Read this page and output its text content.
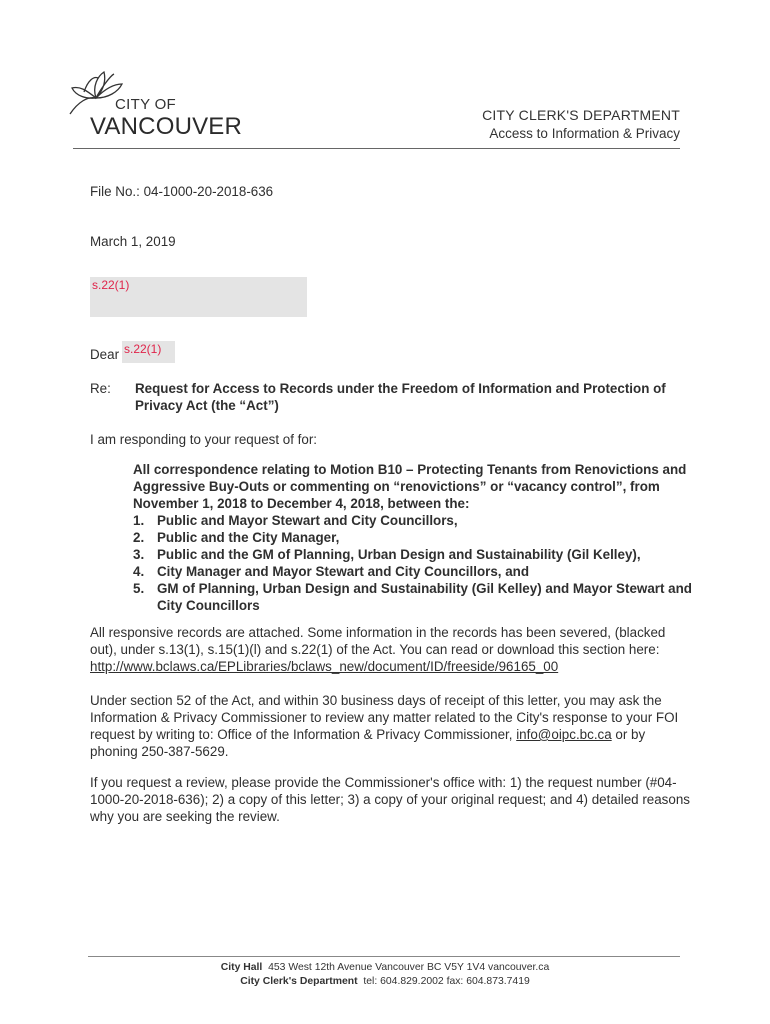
CITY OF
VANCOUVER	CITY CLERK'S DEPARTMENT
Access to Information & Privacy
File No.: 04-1000-20-2018-636
March 1, 2019
s.22(1)
Dear s.22(1)
Re: Request for Access to Records under the Freedom of Information and Protection of Privacy Act (the “Act”)
I am responding to your request of for:
All correspondence relating to Motion B10 – Protecting Tenants from Renovictions and Aggressive Buy-Outs or commenting on “renovictions” or “vacancy control”, from November 1, 2018 to December 4, 2018, between the:
1. Public and Mayor Stewart and City Councillors,
2. Public and the City Manager,
3. Public and the GM of Planning, Urban Design and Sustainability (Gil Kelley),
4. City Manager and Mayor Stewart and City Councillors, and
5. GM of Planning, Urban Design and Sustainability (Gil Kelley) and Mayor Stewart and City Councillors
All responsive records are attached. Some information in the records has been severed, (blacked out), under s.13(1), s.15(1)(l) and s.22(1) of the Act. You can read or download this section here: http://www.bclaws.ca/EPLibraries/bclaws_new/document/ID/freeside/96165_00
Under section 52 of the Act, and within 30 business days of receipt of this letter, you may ask the Information & Privacy Commissioner to review any matter related to the City's response to your FOI request by writing to: Office of the Information & Privacy Commissioner, info@oipc.bc.ca or by phoning 250-387-5629.
If you request a review, please provide the Commissioner's office with: 1) the request number (#04-1000-20-2018-636); 2) a copy of this letter; 3) a copy of your original request; and 4) detailed reasons why you are seeking the review.
City Hall 453 West 12th Avenue Vancouver BC V5Y 1V4 vancouver.ca
City Clerk's Department tel: 604.829.2002 fax: 604.873.7419
